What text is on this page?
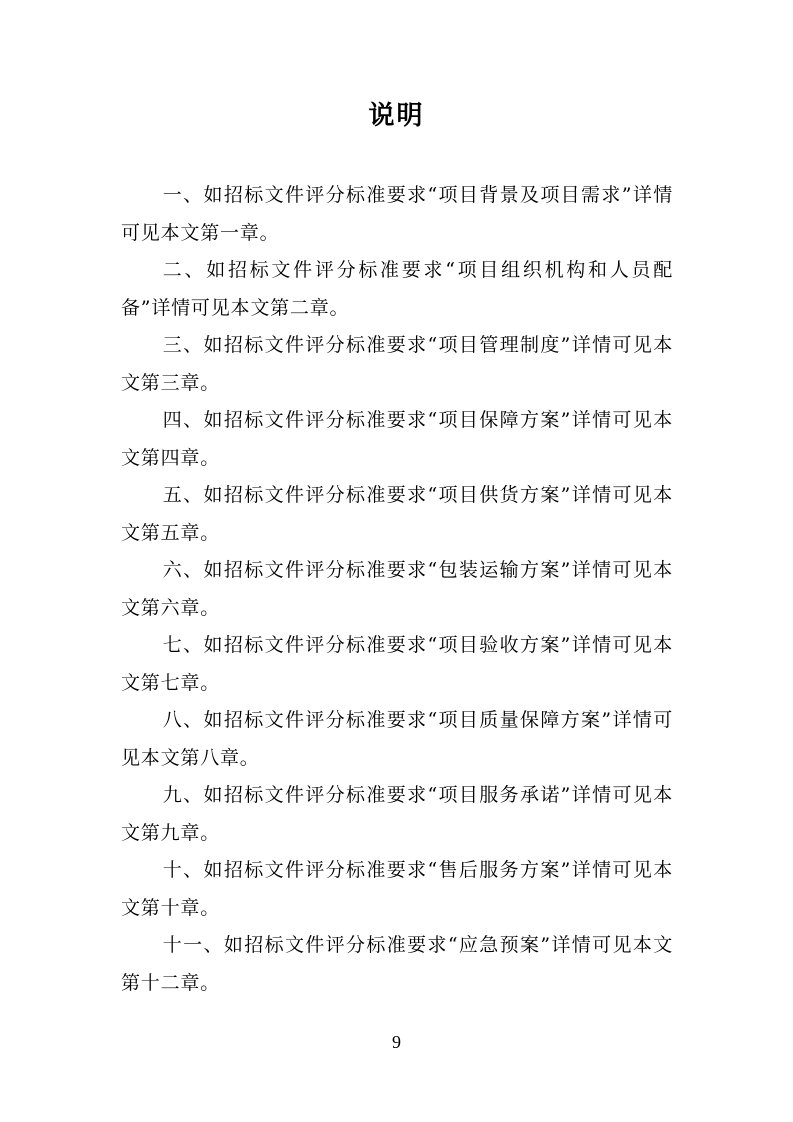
说明

一、如招标文件评分标准要求“项目背景及项目需求”详情可见本文第一章。

二、如招标文件评分标准要求“项目组织机构和人员配备”详情可见本文第二章。

三、如招标文件评分标准要求“项目管理制度”详情可见本文第三章。

四、如招标文件评分标准要求“项目保障方案”详情可见本文第四章。

五、如招标文件评分标准要求“项目供货方案”详情可见本文第五章。

六、如招标文件评分标准要求“包装运输方案”详情可见本文第六章。

七、如招标文件评分标准要求“项目验收方案”详情可见本文第七章。

八、如招标文件评分标准要求“项目质量保障方案”详情可见本文第八章。

九、如招标文件评分标准要求“项目服务承诺”详情可见本文第九章。

十、如招标文件评分标准要求“售后服务方案”详情可见本文第十章。

十一、如招标文件评分标准要求“应急预案”详情可见本文第十二章。

9
